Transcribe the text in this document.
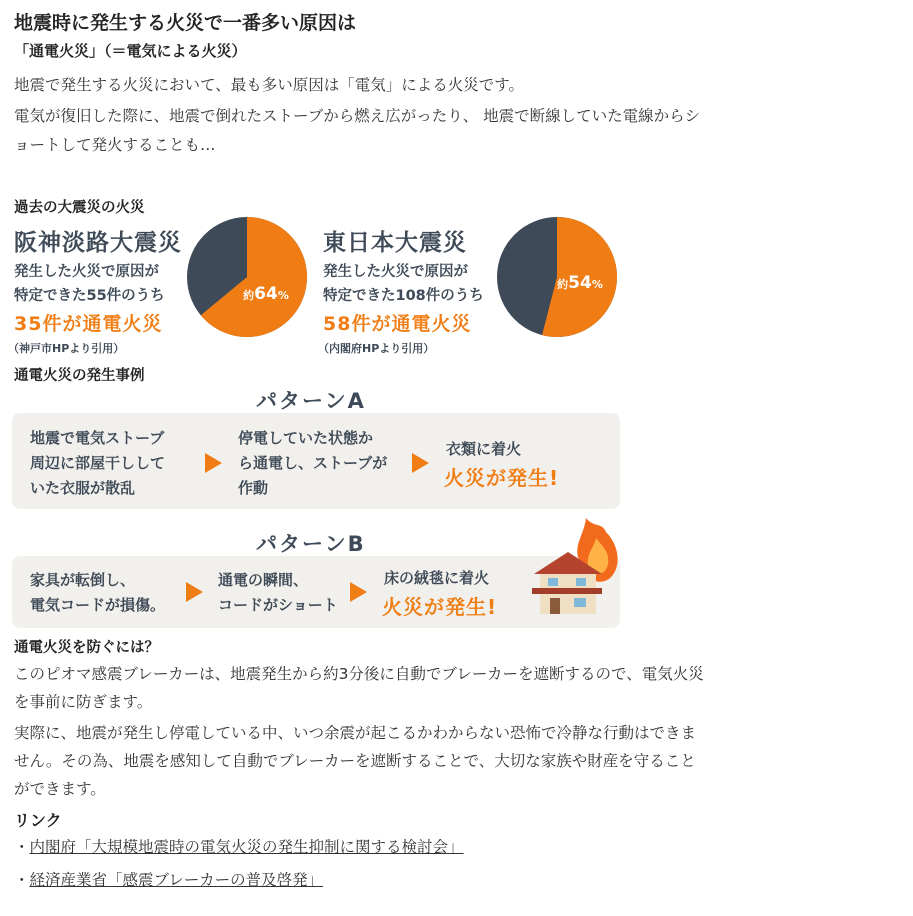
地震時に発生する火災で一番多い原因は
「通電火災」（＝電気による火災）
地震で発生する火災において、最も多い原因は「電気」による火災です。
電気が復旧した際に、地震で倒れたストーブから燃え広がったり、 地震で断線していた電線からシ
ョートして発火することも…
過去の大震災の火災
阪神淡路大震災
発生した火災で原因が
特定できた55件のうち
35件が通電火災
（神戸市HPより引用）
約64%
東日本大震災
発生した火災で原因が
特定できた108件のうち
58件が通電火災
（内閣府HPより引用）
約54%
通電火災の発生事例
パターンA
地震で電気ストーブ
周辺に部屋干しして
いた衣服が散乱
停電していた状態か
ら通電し、ストーブが
作動
衣類に着火
火災が発生!
パターンB
家具が転倒し、
電気コードが損傷。
通電の瞬間、
コードがショート
床の絨毯に着火
火災が発生!
通電火災を防ぐには？
このピオマ感震ブレーカーは、地震発生から約3分後に自動でブレーカーを遮断するので、電気火災
を事前に防ぎます。
実際に、地震が発生し停電している中、いつ余震が起こるかわからない恐怖で冷静な行動はできま
せん。その為、地震を感知して自動でブレーカーを遮断することで、大切な家族や財産を守ること
ができます。
リンク
・内閣府「大規模地震時の電気火災の発生抑制に関する検討会」
・経済産業省「感震ブレーカーの普及啓発」
